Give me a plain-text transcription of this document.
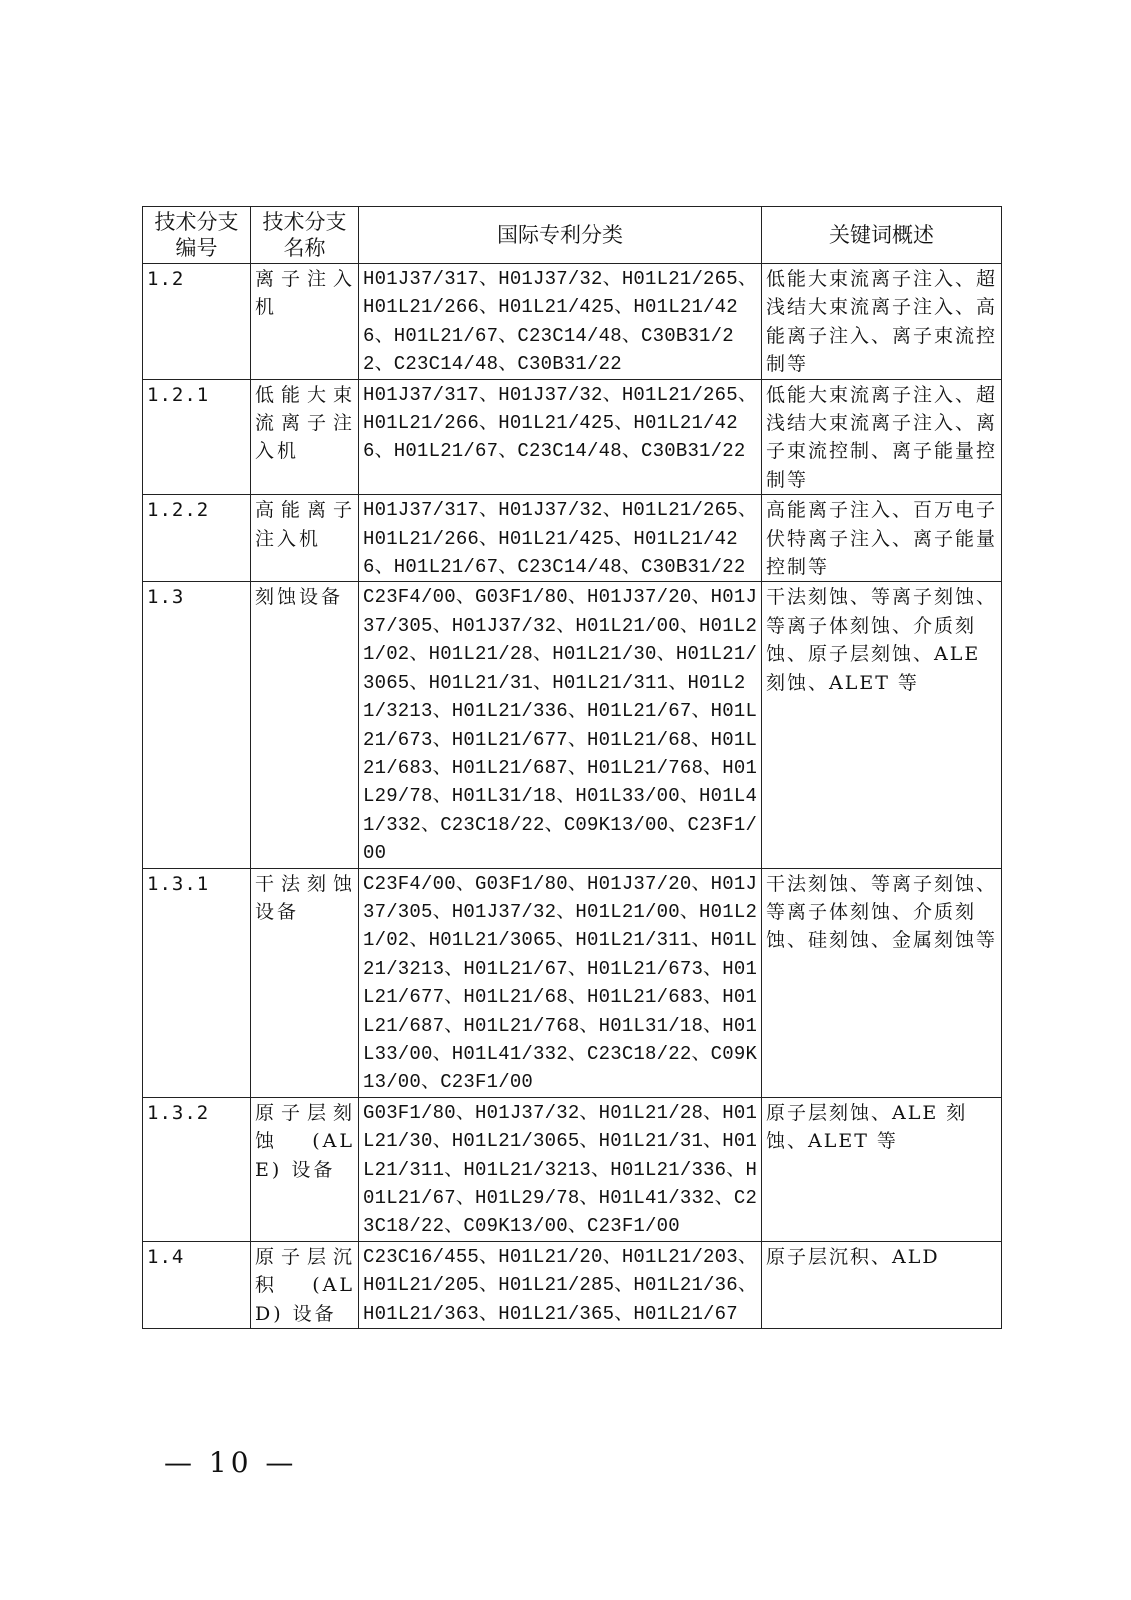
技术分支编号	技术分支名称	国际专利分类	关键词概述
1.2	离子注入机	H01J37/317、H01J37/32、H01L21/265、H01L21/266、H01L21/425、H01L21/426、H01L21/67、C23C14/48、C30B31/22、C23C14/48、C30B31/22	低能大束流离子注入、超浅结大束流离子注入、高能离子注入、离子束流控制等
1.2.1	低能大束流离子注入机	H01J37/317、H01J37/32、H01L21/265、H01L21/266、H01L21/425、H01L21/426、H01L21/67、C23C14/48、C30B31/22	低能大束流离子注入、超浅结大束流离子注入、离子束流控制、离子能量控制等
1.2.2	高能离子注入机	H01J37/317、H01J37/32、H01L21/265、H01L21/266、H01L21/425、H01L21/426、H01L21/67、C23C14/48、C30B31/22	高能离子注入、百万电子伏特离子注入、离子能量控制等
1.3	刻蚀设备	C23F4/00、G03F1/80、H01J37/20、H01J37/305、H01J37/32、H01L21/00、H01L21/02、H01L21/28、H01L21/30、H01L21/3065、H01L21/31、H01L21/311、H01L21/3213、H01L21/336、H01L21/67、H01L21/673、H01L21/677、H01L21/68、H01L21/683、H01L21/687、H01L21/768、H01L29/78、H01L31/18、H01L33/00、H01L41/332、C23C18/22、C09K13/00、C23F1/00	干法刻蚀、等离子刻蚀、等离子体刻蚀、介质刻蚀、原子层刻蚀、ALE 刻蚀、ALET 等
1.3.1	干法刻蚀设备	C23F4/00、G03F1/80、H01J37/20、H01J37/305、H01J37/32、H01L21/00、H01L21/02、H01L21/3065、H01L21/311、H01L21/3213、H01L21/67、H01L21/673、H01L21/677、H01L21/68、H01L21/683、H01L21/687、H01L21/768、H01L31/18、H01L33/00、H01L41/332、C23C18/22、C09K13/00、C23F1/00	干法刻蚀、等离子刻蚀、等离子体刻蚀、介质刻蚀、硅刻蚀、金属刻蚀等
1.3.2	原子层刻蚀 (ALE) 设备	G03F1/80、H01J37/32、H01L21/28、H01L21/30、H01L21/3065、H01L21/31、H01L21/311、H01L21/3213、H01L21/336、H01L21/67、H01L29/78、H01L41/332、C23C18/22、C09K13/00、C23F1/00	原子层刻蚀、ALE 刻蚀、ALET 等
1.4	原子层沉积 (ALD) 设备	C23C16/455、H01L21/20、H01L21/203、H01L21/205、H01L21/285、H01L21/36、H01L21/363、H01L21/365、H01L21/67	原子层沉积、ALD
— 10 —
